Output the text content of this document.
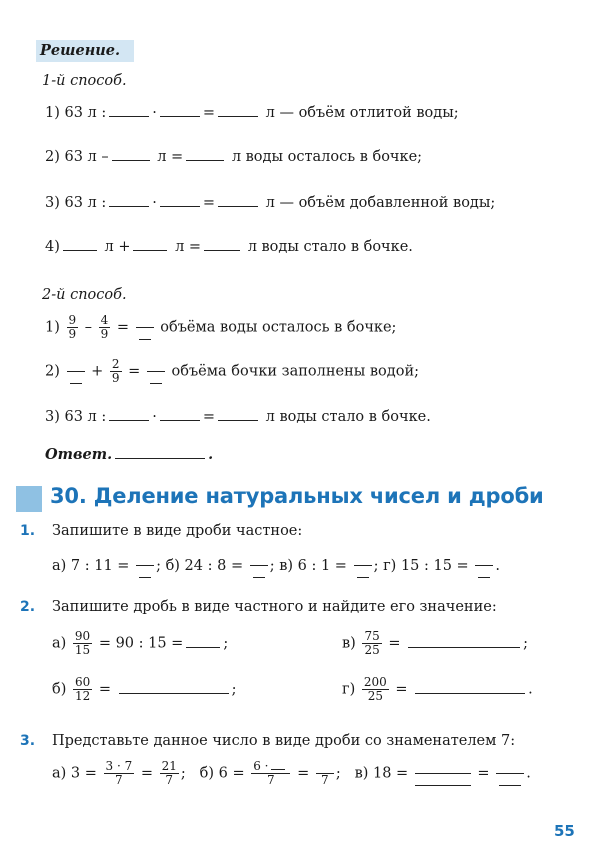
Решение.
1-й способ.
1) 63 л :	·	=	л — объём отлитой воды;
2) 63 л –	л =	л воды осталось в бочке;
3) 63 л :	·	=	л — объём добавленной воды;
4)	л +	л =	л воды стало в бочке.
2-й способ.
$1) \frac{9}{9} - \frac{4}{9}$ =
объёма воды осталось в бочке;
2)
+ $\frac{2}{9}$ =
объёма бочки заполнены водой;
3) 63 л :	·	=	л воды стало в бочке.
Ответ.	.
30. Деление натуральных чисел и дроби
1. Запишите в виде дроби частное:
а) 7 : 11 = ; б) 24 : 8 = ; в) 6 : 1 = ; г) 15 : 15 = .
2. Запишите дробь в виде частного и найдите его значение:
$а) \frac{90}{15} = 90$ : 15 =	;	$в) \frac{75}{25}$ =	;
$б) \frac{60}{12}$ =	;	$г) \frac{200}{25}$ =	.
3. Представьте данное число в виде дроби со знаменателем 7:
а) $3 = \frac{3 \cdot 7}{7} = \frac{21}{7}$ ;   б) $6 = \frac{6 \cdot}{7} = 7$ ;   в) 18 =	=
.
55
